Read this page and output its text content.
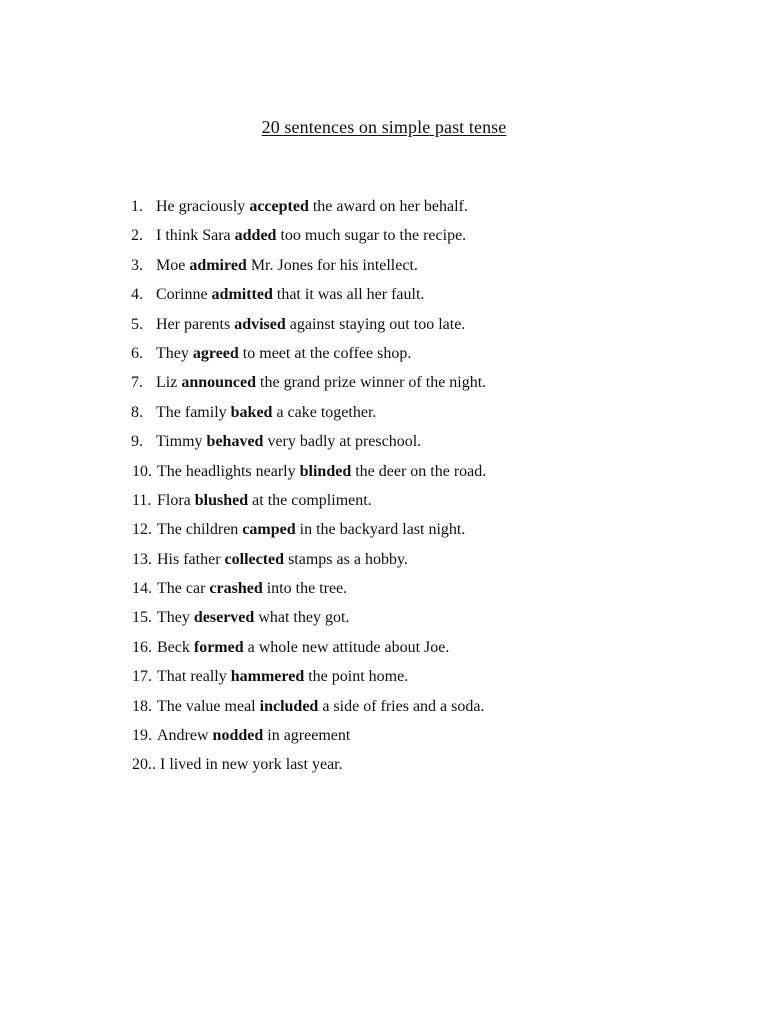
20 sentences on simple past tense
1. He graciously accepted the award on her behalf.
2. I think Sara added too much sugar to the recipe.
3. Moe admired Mr. Jones for his intellect.
4. Corinne admitted that it was all her fault.
5. Her parents advised against staying out too late.
6. They agreed to meet at the coffee shop.
7. Liz announced the grand prize winner of the night.
8. The family baked a cake together.
9. Timmy behaved very badly at preschool.
10. The headlights nearly blinded the deer on the road.
11. Flora blushed at the compliment.
12. The children camped in the backyard last night.
13. His father collected stamps as a hobby.
14. The car crashed into the tree.
15. They deserved what they got.
16. Beck formed a whole new attitude about Joe.
17. That really hammered the point home.
18. The value meal included a side of fries and a soda.
19. Andrew nodded in agreement
20.. I lived in new york last year.
